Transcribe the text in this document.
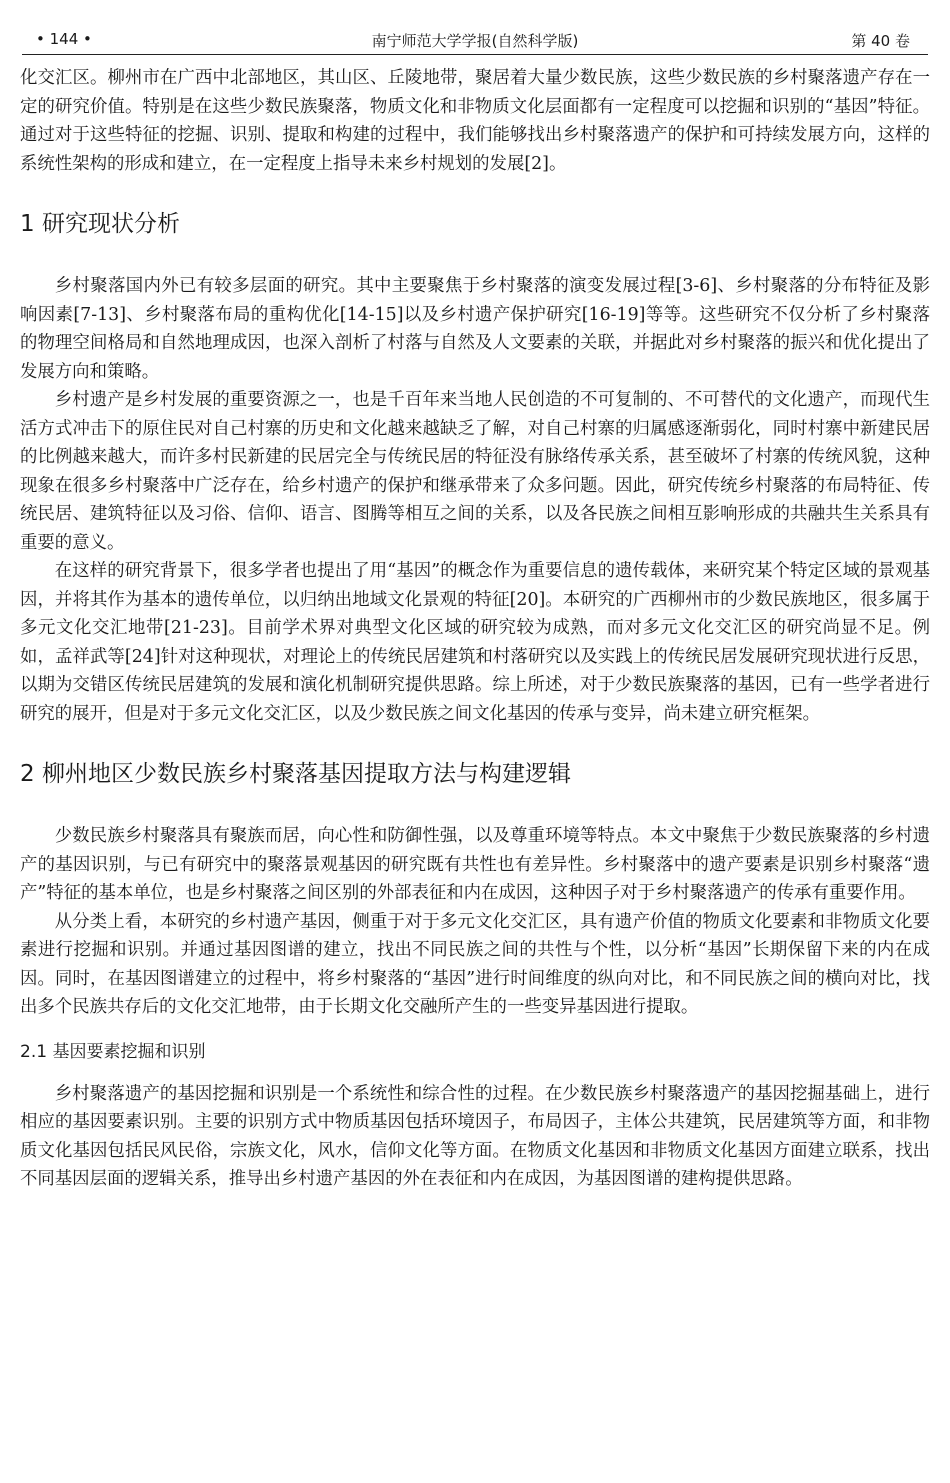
• 144 •	南宁师范大学学报(自然科学版)	第 40 卷

化交汇区。柳州市在广西中北部地区，其山区、丘陵地带，聚居着大量少数民族，这些少数民族的乡村聚落遗产存在一定的研究价值。特别是在这些少数民族聚落，物质文化和非物质文化层面都有一定程度可以挖掘和识别的“基因”特征。通过对于这些特征的挖掘、识别、提取和构建的过程中，我们能够找出乡村聚落遗产的保护和可持续发展方向，这样的系统性架构的形成和建立，在一定程度上指导未来乡村规划的发展[2]。

1 研究现状分析

乡村聚落国内外已有较多层面的研究。其中主要聚焦于乡村聚落的演变发展过程[3-6]、乡村聚落的分布特征及影响因素[7-13]、乡村聚落布局的重构优化[14-15]以及乡村遗产保护研究[16-19]等等。这些研究不仅分析了乡村聚落的物理空间格局和自然地理成因，也深入剖析了村落与自然及人文要素的关联，并据此对乡村聚落的振兴和优化提出了发展方向和策略。

乡村遗产是乡村发展的重要资源之一，也是千百年来当地人民创造的不可复制的、不可替代的文化遗产，而现代生活方式冲击下的原住民对自己村寨的历史和文化越来越缺乏了解，对自己村寨的归属感逐渐弱化，同时村寨中新建民居的比例越来越大，而许多村民新建的民居完全与传统民居的特征没有脉络传承关系，甚至破坏了村寨的传统风貌，这种现象在很多乡村聚落中广泛存在，给乡村遗产的保护和继承带来了众多问题。因此，研究传统乡村聚落的布局特征、传统民居、建筑特征以及习俗、信仰、语言、图腾等相互之间的关系，以及各民族之间相互影响形成的共融共生关系具有重要的意义。

在这样的研究背景下，很多学者也提出了用“基因”的概念作为重要信息的遗传载体，来研究某个特定区域的景观基因，并将其作为基本的遗传单位，以归纳出地域文化景观的特征[20]。本研究的广西柳州市的少数民族地区，很多属于多元文化交汇地带[21-23]。目前学术界对典型文化区域的研究较为成熟，而对多元文化交汇区的研究尚显不足。例如，孟祥武等[24]针对这种现状，对理论上的传统民居建筑和村落研究以及实践上的传统民居发展研究现状进行反思，以期为交错区传统民居建筑的发展和演化机制研究提供思路。综上所述，对于少数民族聚落的基因，已有一些学者进行研究的展开，但是对于多元文化交汇区，以及少数民族之间文化基因的传承与变异，尚未建立研究框架。

2 柳州地区少数民族乡村聚落基因提取方法与构建逻辑

少数民族乡村聚落具有聚族而居，向心性和防御性强，以及尊重环境等特点。本文中聚焦于少数民族聚落的乡村遗产的基因识别，与已有研究中的聚落景观基因的研究既有共性也有差异性。乡村聚落中的遗产要素是识别乡村聚落“遗产”特征的基本单位，也是乡村聚落之间区别的外部表征和内在成因，这种因子对于乡村聚落遗产的传承有重要作用。

从分类上看，本研究的乡村遗产基因，侧重于对于多元文化交汇区，具有遗产价值的物质文化要素和非物质文化要素进行挖掘和识别。并通过基因图谱的建立，找出不同民族之间的共性与个性，以分析“基因”长期保留下来的内在成因。同时，在基因图谱建立的过程中，将乡村聚落的“基因”进行时间维度的纵向对比，和不同民族之间的横向对比，找出多个民族共存后的文化交汇地带，由于长期文化交融所产生的一些变异基因进行提取。

2.1 基因要素挖掘和识别

乡村聚落遗产的基因挖掘和识别是一个系统性和综合性的过程。在少数民族乡村聚落遗产的基因挖掘基础上，进行相应的基因要素识别。主要的识别方式中物质基因包括环境因子，布局因子，主体公共建筑，民居建筑等方面，和非物质文化基因包括民风民俗，宗族文化，风水，信仰文化等方面。在物质文化基因和非物质文化基因方面建立联系，找出不同基因层面的逻辑关系，推导出乡村遗产基因的外在表征和内在成因，为基因图谱的建构提供思路。
